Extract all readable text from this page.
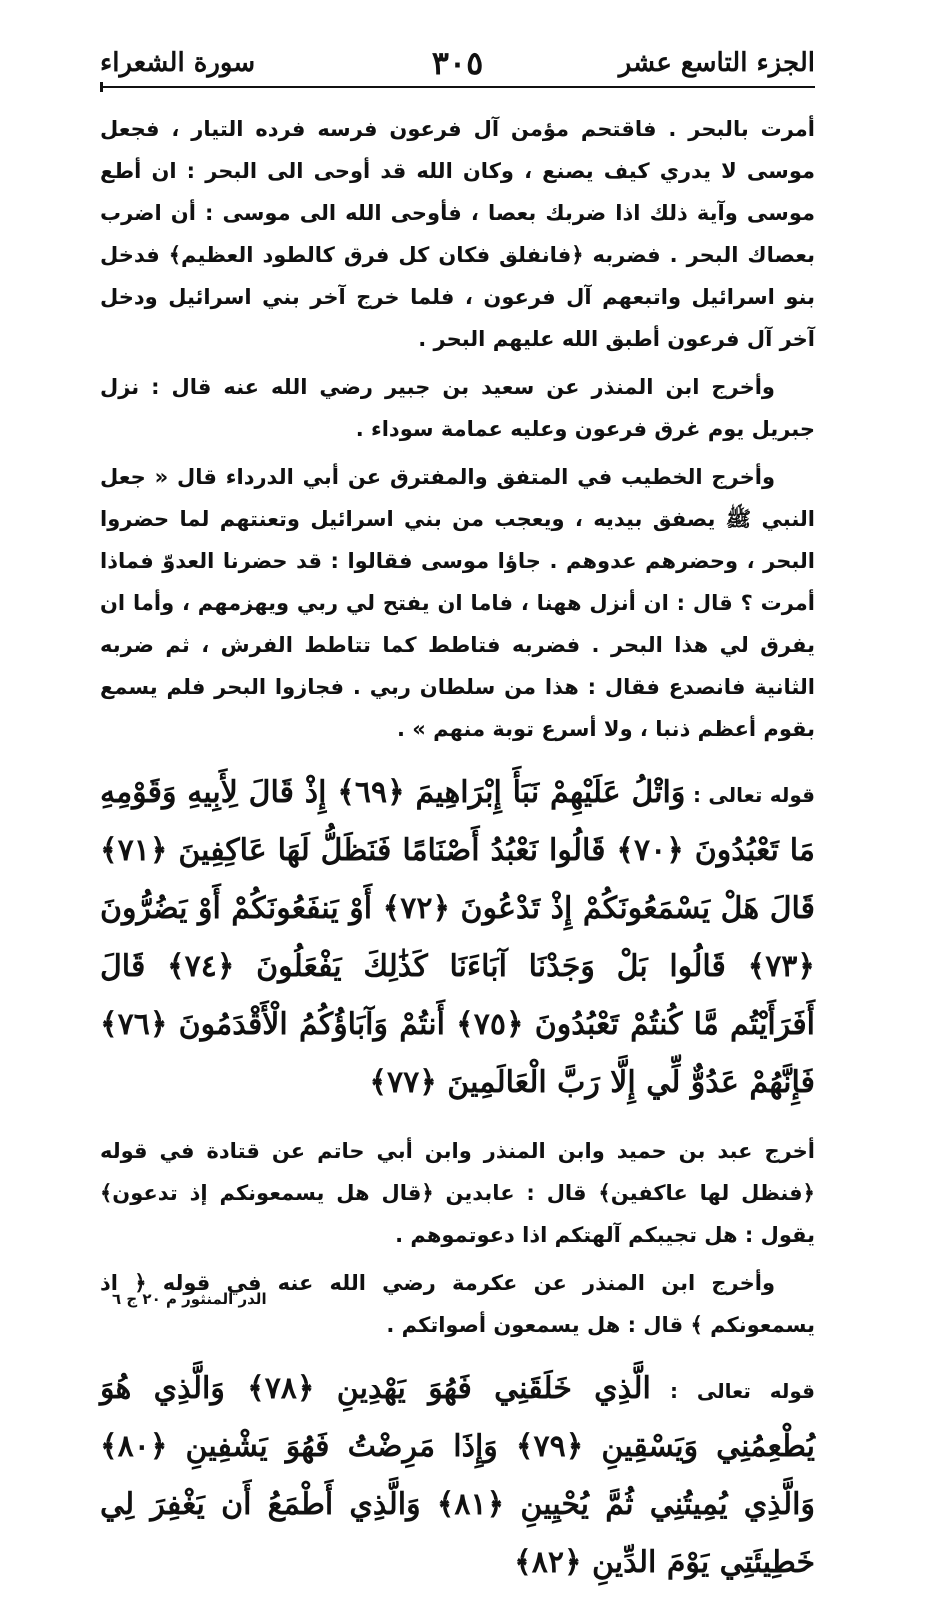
الجزء التاسع عشر
٣٠٥
سورة الشعراء

أمرت بالبحر . فاقتحم مؤمن آل فرعون فرسه فرده التيار ، فجعل موسى لا يدري كيف يصنع ، وكان الله قد أوحى الى البحر : ان أطع موسى وآية ذلك اذا ضربك بعصا ، فأوحى الله الى موسى : أن اضرب بعصاك البحر . فضربه ﴿فانفلق فكان كل فرق كالطود العظيم﴾ فدخل بنو اسرائيل واتبعهم آل فرعون ، فلما خرج آخر بني اسرائيل ودخل آخر آل فرعون أطبق الله عليهم البحر .

وأخرج ابن المنذر عن سعيد بن جبير رضي الله عنه قال : نزل جبريل يوم غرق فرعون وعليه عمامة سوداء .

وأخرج الخطيب في المتفق والمفترق عن أبي الدرداء قال « جعل النبي ﷺ يصفق بيديه ، ويعجب من بني اسرائيل وتعنتهم لما حضروا البحر ، وحضرهم عدوهم . جاؤا موسى فقالوا : قد حضرنا العدوّ فماذا أمرت ؟ قال : ان أنزل ههنا ، فاما ان يفتح لي ربي ويهزمهم ، وأما ان يفرق لي هذا البحر . فضربه فتاطط كما تتاطط الفرش ، ثم ضربه الثانية فانصدع فقال : هذا من سلطان ربي . فجازوا البحر فلم يسمع بقوم أعظم ذنبا ، ولا أسرع توبة منهم » .

قوله تعالى : وَاتْلُ عَلَيْهِمْ نَبَأَ إِبْرَاهِيمَ ﴿٦٩﴾ إِذْ قَالَ لِأَبِيهِ وَقَوْمِهِ مَا تَعْبُدُونَ ﴿٧٠﴾ قَالُوا نَعْبُدُ أَصْنَامًا فَنَظَلُّ لَهَا عَاكِفِينَ ﴿٧١﴾ قَالَ هَلْ يَسْمَعُونَكُمْ إِذْ تَدْعُونَ ﴿٧٢﴾ أَوْ يَنفَعُونَكُمْ أَوْ يَضُرُّونَ ﴿٧٣﴾ قَالُوا بَلْ وَجَدْنَا آبَاءَنَا كَذَٰلِكَ يَفْعَلُونَ ﴿٧٤﴾ قَالَ أَفَرَأَيْتُم مَّا كُنتُمْ تَعْبُدُونَ ﴿٧٥﴾ أَنتُمْ وَآبَاؤُكُمُ الْأَقْدَمُونَ ﴿٧٦﴾ فَإِنَّهُمْ عَدُوٌّ لِّي إِلَّا رَبَّ الْعَالَمِينَ ﴿٧٧﴾

أخرج عبد بن حميد وابن المنذر وابن أبي حاتم عن قتادة في قوله ﴿فنظل لها عاكفين﴾ قال : عابدين ﴿قال هل يسمعونكم إذ تدعون﴾ يقول : هل تجيبكم آلهتكم اذا دعوتموهم .

وأخرج ابن المنذر عن عكرمة رضي الله عنه في قوله ﴿ اذ يسمعونكم ﴾ قال : هل يسمعون أصواتكم .

قوله تعالى : الَّذِي خَلَقَنِي فَهُوَ يَهْدِينِ ﴿٧٨﴾ وَالَّذِي هُوَ يُطْعِمُنِي وَيَسْقِينِ ﴿٧٩﴾ وَإِذَا مَرِضْتُ فَهُوَ يَشْفِينِ ﴿٨٠﴾ وَالَّذِي يُمِيتُنِي ثُمَّ يُحْيِينِ ﴿٨١﴾ وَالَّذِي أَطْمَعُ أَن يَغْفِرَ لِي خَطِيئَتِي يَوْمَ الدِّينِ ﴿٨٢﴾
الدر المنثور م ٢٠ ج ٦
